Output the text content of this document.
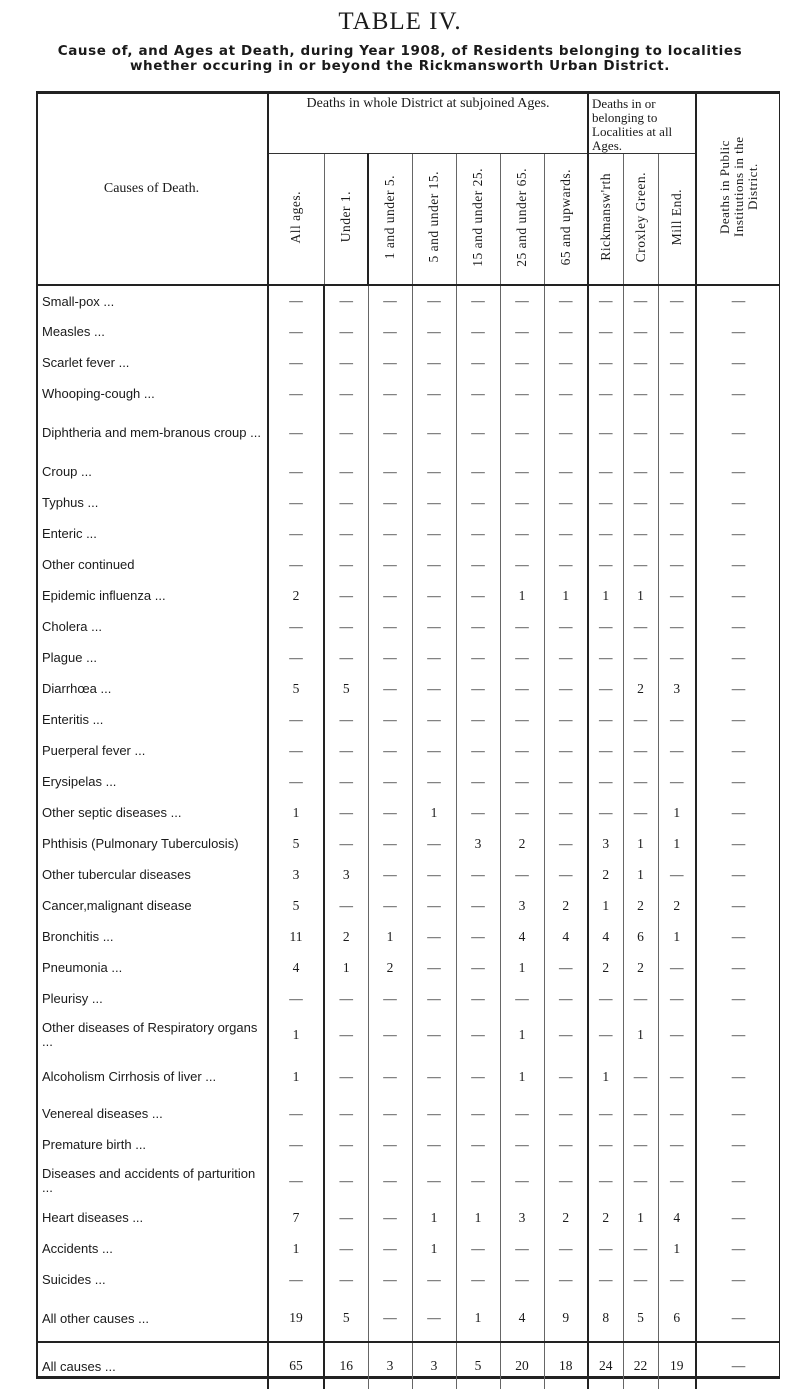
TABLE IV.
Cause of, and Ages at Death, during Year 1908, of Residents belonging to localities whether occuring in or beyond the Rickmansworth Urban District.
Causes of Death.	Deaths in whole District at subjoined Ages.							Deaths in or belonging to Localities at all Ages.			Deaths in Public Institutions in the District.
	All ages.	Under 1.	1 and under 5.	5 and under 15.	15 and under 25.	25 and under 65.	65 and upwards.	Rickmansw'rth	Croxley Green.	Mill End.	
Small-pox ...	—	—	—	—	—	—	—	—	—	—	—
Measles ...	—	—	—	—	—	—	—	—	—	—	—
Scarlet fever ...	—	—	—	—	—	—	—	—	—	—	—
Whooping-cough ...	—	—	—	—	—	—	—	—	—	—	—
Diphtheria and mem-branous croup ...	—	—	—	—	—	—	—	—	—	—	—
Croup ...	—	—	—	—	—	—	—	—	—	—	—
Typhus ...	—	—	—	—	—	—	—	—	—	—	—
Enteric ...	—	—	—	—	—	—	—	—	—	—	—
Other continued	—	—	—	—	—	—	—	—	—	—	—
Epidemic influenza ...	2	—	—	—	—	1	1	1	1	—	—
Cholera ...	—	—	—	—	—	—	—	—	—	—	—
Plague ...	—	—	—	—	—	—	—	—	—	—	—
Diarrhœa ...	5	5	—	—	—	—	—	—	2	3	—
Enteritis ...	—	—	—	—	—	—	—	—	—	—	—
Puerperal fever ...	—	—	—	—	—	—	—	—	—	—	—
Erysipelas ...	—	—	—	—	—	—	—	—	—	—	—
Other septic diseases ...	1	—	—	1	—	—	—	—	—	1	—
Phthisis (Pulmonary Tuberculosis)	5	—	—	—	3	2	—	3	1	1	—
Other tubercular diseases	3	3	—	—	—	—	—	2	1	—	—
Cancer,malignant disease	5	—	—	—	—	3	2	1	2	2	—
Bronchitis ...	11	2	1	—	—	4	4	4	6	1	—
Pneumonia ...	4	1	2	—	—	1	—	2	2	—	—
Pleurisy ...	—	—	—	—	—	—	—	—	—	—	—
Other diseases of Respiratory organs ...	1	—	—	—	—	1	—	—	1	—	—
Alcoholism Cirrhosis of liver ...	1	—	—	—	—	1	—	1	—	—	—
Venereal diseases ...	—	—	—	—	—	—	—	—	—	—	—
Premature birth ...	—	—	—	—	—	—	—	—	—	—	—
Diseases and accidents of parturition ...	—	—	—	—	—	—	—	—	—	—	—
Heart diseases ...	7	—	—	1	1	3	2	2	1	4	—
Accidents ...	1	—	—	1	—	—	—	—	—	1	—
Suicides ...	—	—	—	—	—	—	—	—	—	—	—
All other causes ...	19	5	—	—	1	4	9	8	5	6	—
All causes ...	65	16	3	3	5	20	18	24	22	19	—
